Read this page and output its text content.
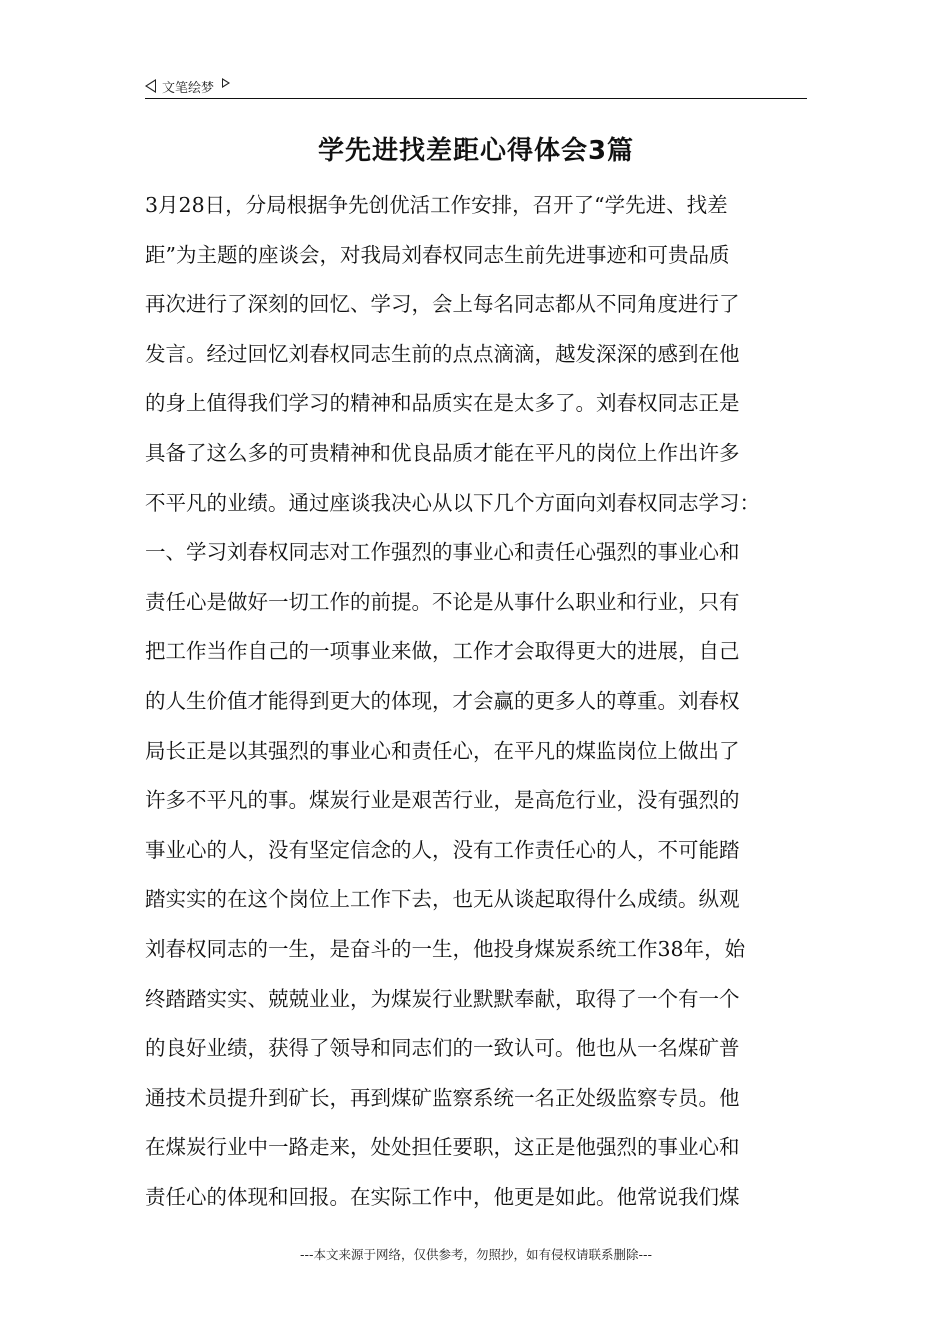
文笔绘梦
学先进找差距心得体会3篇
3月28日，分局根据争先创优活工作安排，召开了“学先进、找差
距”为主题的座谈会，对我局刘春权同志生前先进事迹和可贵品质
再次进行了深刻的回忆、学习，会上每名同志都从不同角度进行了
发言。经过回忆刘春权同志生前的点点滴滴，越发深深的感到在他
的身上值得我们学习的精神和品质实在是太多了。刘春权同志正是
具备了这么多的可贵精神和优良品质才能在平凡的岗位上作出许多
不平凡的业绩。通过座谈我决心从以下几个方面向刘春权同志学习：
一、学习刘春权同志对工作强烈的事业心和责任心强烈的事业心和
责任心是做好一切工作的前提。不论是从事什么职业和行业，只有
把工作当作自己的一项事业来做，工作才会取得更大的进展，自己
的人生价值才能得到更大的体现，才会赢的更多人的尊重。刘春权
局长正是以其强烈的事业心和责任心，在平凡的煤监岗位上做出了
许多不平凡的事。煤炭行业是艰苦行业，是高危行业，没有强烈的
事业心的人，没有坚定信念的人，没有工作责任心的人，不可能踏
踏实实的在这个岗位上工作下去，也无从谈起取得什么成绩。纵观
刘春权同志的一生，是奋斗的一生，他投身煤炭系统工作38年，始
终踏踏实实、兢兢业业，为煤炭行业默默奉献，取得了一个有一个
的良好业绩，获得了领导和同志们的一致认可。他也从一名煤矿普
通技术员提升到矿长，再到煤矿监察系统一名正处级监察专员。他
在煤炭行业中一路走来，处处担任要职，这正是他强烈的事业心和
责任心的体现和回报。在实际工作中，他更是如此。他常说我们煤
---本文来源于网络，仅供参考，勿照抄，如有侵权请联系删除---
